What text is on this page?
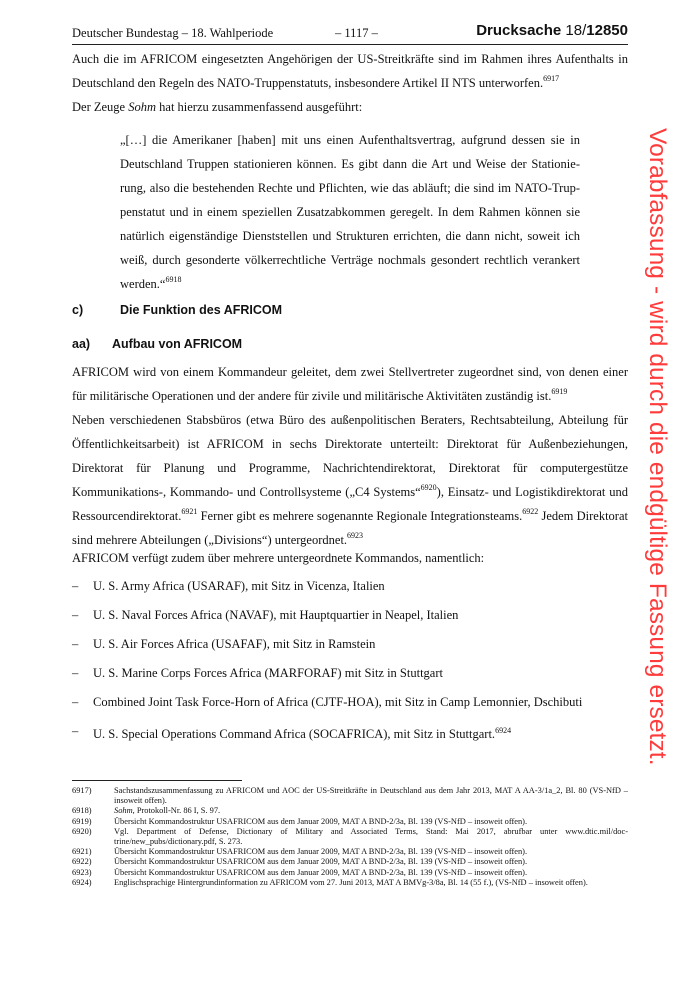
Deutscher Bundestag – 18. Wahlperiode	– 1117 –	Drucksache 18/12850
Auch die im AFRICOM eingesetzten Angehörigen der US-Streitkräfte sind im Rahmen ihres Aufenthalts in Deutschland den Regeln des NATO-Truppenstatuts, insbesondere Artikel II NTS unterworfen.$^{6917}$
Der Zeuge Sohm hat hierzu zusammenfassend ausgeführt:
„[…] die Amerikaner [haben] mit uns einen Aufenthaltsvertrag, aufgrund dessen sie in Deutschland Truppen stationieren können. Es gibt dann die Art und Weise der Stationierung, also die bestehenden Rechte und Pflichten, wie das abläuft; die sind im NATO-Truppenstatut und in einem speziellen Zusatzabkommen geregelt. In dem Rahmen können sie natürlich eigenständige Dienststellen und Strukturen errichten, die dann nicht, soweit ich weiß, durch gesonderte völkerrechtliche Verträge nochmals gesondert rechtlich verankert werden.“$^{6918}$
c)	Die Funktion des AFRICOM
aa) Aufbau von AFRICOM
AFRICOM wird von einem Kommandeur geleitet, dem zwei Stellvertreter zugeordnet sind, von denen einer für militärische Operationen und der andere für zivile und militärische Aktivitäten zuständig ist.$^{6919}$
Neben verschiedenen Stabsbüros (etwa Büro des außenpolitischen Beraters, Rechtsabteilung, Abteilung für Öffentlichkeitsarbeit) ist AFRICOM in sechs Direktorate unterteilt: Direktorat für Außenbeziehungen, Direktorat für Planung und Programme, Nachrichtendirektorat, Direktorat für computergestütze Kommunikations-, Kommando- und Controllsysteme („C4 Systems“$^{6920}$), Einsatz- und Logistikdirektorat und Ressourcendirektorat.$^{6921}$ Ferner gibt es mehrere sogenannte Regionale Integrationsteams.$^{6922}$ Jedem Direktorat sind mehrere Abteilungen („Divisions“) untergeordnet.$^{6923}$
AFRICOM verfügt zudem über mehrere untergeordnete Kommandos, namentlich:
– U. S. Army Africa (USARAF), mit Sitz in Vicenza, Italien
– U. S. Naval Forces Africa (NAVAF), mit Hauptquartier in Neapel, Italien
– U. S. Air Forces Africa (USAFAF), mit Sitz in Ramstein
– U. S. Marine Corps Forces Africa (MARFORAF) mit Sitz in Stuttgart
– Combined Joint Task Force-Horn of Africa (CJTF-HOA), mit Sitz in Camp Lemonnier, Dschibuti
– U. S. Special Operations Command Africa (SOCAFRICA), mit Sitz in Stuttgart.$^{6924}$
6917)	Sachstandszusammenfassung zu AFRICOM und AOC der US-Streitkräfte in Deutschland aus dem Jahr 2013, MAT A AA-3/1a_2, Bl. 80 (VS-NfD – insoweit offen).
6918)	Sohm, Protokoll-Nr. 86 I, S. 97.
6919)	Übersicht Kommandostruktur USAFRICOM aus dem Januar 2009, MAT A BND-2/3a, Bl. 139 (VS-NfD – insoweit offen).
6920)	Vgl. Department of Defense, Dictionary of Military and Associated Terms, Stand: Mai 2017, abrufbar unter www.dtic.mil/doctrine/new_pubs/dictionary.pdf, S. 273.
6921)	Übersicht Kommandostruktur USAFRICOM aus dem Januar 2009, MAT A BND-2/3a, Bl. 139 (VS-NfD – insoweit offen).
6922)	Übersicht Kommandostruktur USAFRICOM aus dem Januar 2009, MAT A BND-2/3a, Bl. 139 (VS-NfD – insoweit offen).
6923)	Übersicht Kommandostruktur USAFRICOM aus dem Januar 2009, MAT A BND-2/3a, Bl. 139 (VS-NfD – insoweit offen).
6924)	Englischsprachige Hintergrundinformation zu AFRICOM vom 27. Juni 2013, MAT A BMVg-3/8a, Bl. 14 (55 f.), (VS-NfD – insoweit offen).
Vorabfassung - wird durch die endgültige Fassung ersetzt.
